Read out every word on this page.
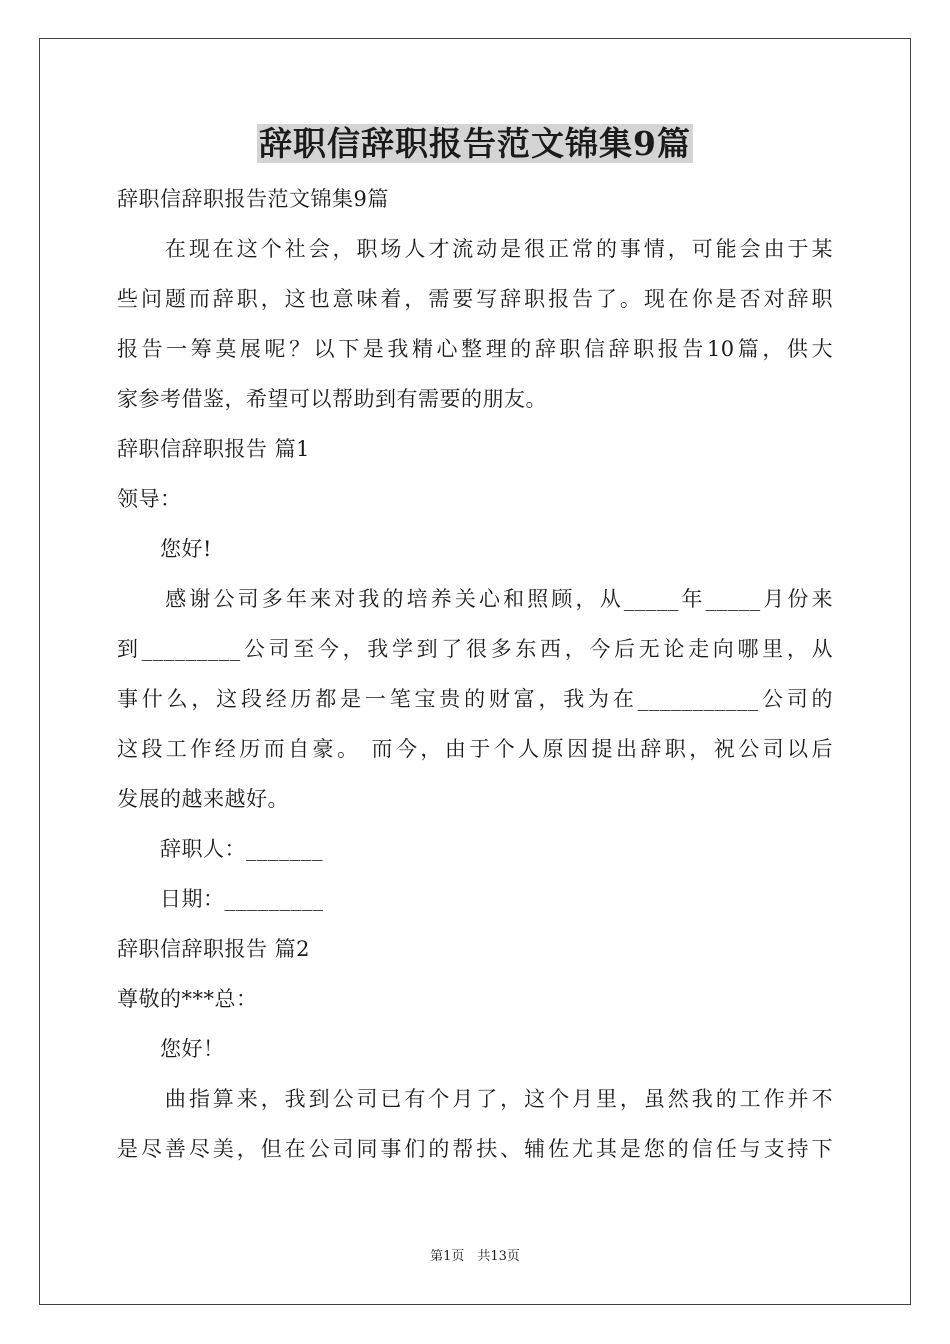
辞职信辞职报告范文锦集9篇
辞职信辞职报告范文锦集9篇
　　在现在这个社会，职场人才流动是很正常的事情，可能会由于某
些问题而辞职，这也意味着，需要写辞职报告了。现在你是否对辞职
报告一筹莫展呢？以下是我精心整理的辞职信辞职报告10篇，供大
家参考借鉴，希望可以帮助到有需要的朋友。
辞职信辞职报告 篇1
领导：
　　您好!
　　感谢公司多年来对我的培养关心和照顾，从_____年_____月份来
到_________公司至今，我学到了很多东西，今后无论走向哪里，从
事什么，这段经历都是一笔宝贵的财富，我为在___________公司的
这段工作经历而自豪。 而今，由于个人原因提出辞职，祝公司以后
发展的越来越好。
　　辞职人：_______
　　日期：_________
辞职信辞职报告 篇2
尊敬的***总：
　　您好！
　　曲指算来，我到公司已有个月了，这个月里，虽然我的工作并不
是尽善尽美，但在公司同事们的帮扶、辅佐尤其是您的信任与支持下
第1页　共13页
